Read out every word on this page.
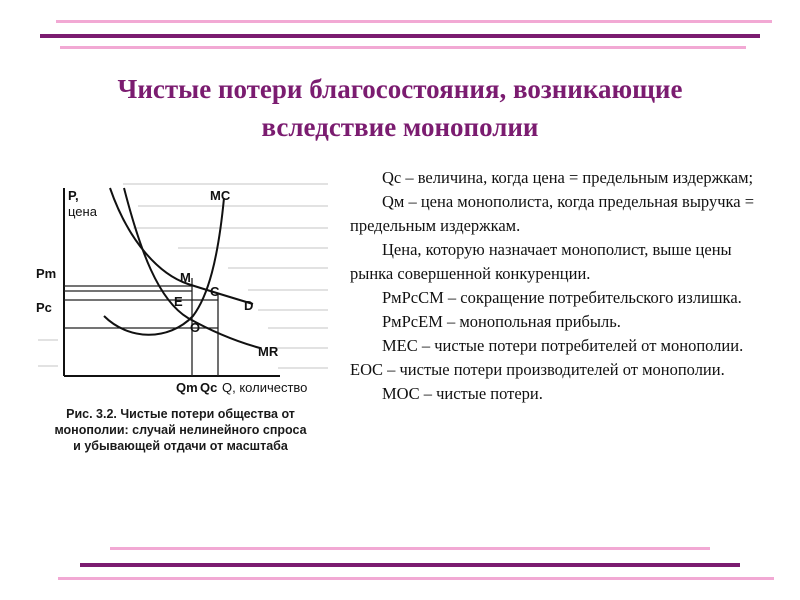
Чистые потери благосостояния, возникающие
вследствие монополии
P,
цена
Pm
Pc
MC
M
C
E
O
D
MR
Qm Qc Q, количество
Рис. 3.2. Чистые потери общества от
монополии: случай нелинейного спроса
и убывающей отдачи от масштаба

Qc – величина, когда цена = предельным издержкам;

Qм – цена монополиста, когда предельная выручка = предельным издержкам.

Цена, которую назначает монополист, выше цены рынка совершенной конкуренции.

PмPcCM – сокращение потребительского излишка.

PмPcEM – монопольная прибыль.

MEC – чистые потери потребителей от монополии. EOC – чистые потери производителей от монополии.

MOC – чистые потери.
